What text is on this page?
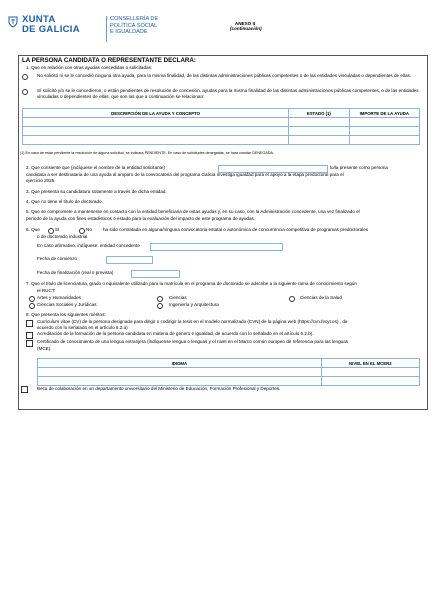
XUNTA
DE GALICIA
CONSELLERÍA DE
POLÍTICA SOCIAL
E IGUALDADE
ANEXO II
(continuación)
LA PERSONA CANDIDATA O REPRESENTANTE DECLARA:
1. Que en relación con otras ayudas concedidas o solicitadas:
No solicitó ni se le concedió ninguna otra ayuda, para la misma finalidad, de las distintas administraciones públicas competentes o de las entidades vinculadas o dependientes de ellas.
Sí solicitó y/o se le concedieron, o están pendientes de resolución de concesión, ayudas para la misma finalidad de las distintas administraciones públicas competentes, o de las entidades vinculadas o dependientes de ellas, que son las que a continuación se relacionan:
DESCRIPCIÓN DE LA AYUDA Y CONCEPTO	ESTADO (1)	IMPORTE DE LA AYUDA

(1) En caso de estar pendiente la resolución de alguna solicitud, se indicará PENDIENTE. En caso de solicitudes denegadas, se hará constar DENEGADA.
2. Que consiente que (indíquese el nombre de la entidad solicitante)	lo/la presente como persona
candidata a ser destinataria de una ayuda al amparo de la convocatoria del programa Galicia investiga igualdad para el apoyo a la etapa predoctoral para el
ejercicio 2025.
3. Que presenta su candidatura solamente a través de dicha entidad.
4. Que no tiene el título de doctorado.
5. Que se compromete a mantenerse en contacto con la entidad beneficiaria de estas ayudas y, en su caso, con la Administración concedente, una vez finalizado el
período de la ayuda con fines estadísticos o estado para la evaluación del impacto de este programa de ayudas.
6. Que	Sí	No ha sido contratada en alguna/ninguna convocatoria estatal o autonómica de concurrencia competitiva de programas predoctorales
o de doctorado industrial.
En caso afirmativo, indíquese: entidad concedente
Fecha de comienzo
Fecha de finalización (real o prevista)
7. Que el título de licenciatura, grado o equivalente utilizado para la matrícula en el programa de doctorado se adscribe a la siguiente rama de conocimiento según
el RUCT:
Artes y Humanidades	Ciencias	Ciencias de la Salud
Ciencias Sociales y Jurídicas	Ingeniería y Arquitectura
8. Que presenta los siguientes méritos:
Curriculum vitae (CV) de la persona designada para dirigir o codirigir la tesis en el modelo normalizado (CVN) de la página web (https://cvn.fecyt.es) , de
acuerdo con lo señalado en el artículo 6.2.a)
Acreditación de la formación de la persona candidata en materia de género e igualdad, de acuerdo con lo señalado en el artículo 6.2.b).
Certificado de conocimiento de una lengua extranjera (indíquense lengua o lenguas y el nivel en el Marco común europeo de referencia para las lenguas
(MCE).
IDIOMA	NIVEL EN EL MCER2

Beca de colaboración en un departamento universitario del Ministerio de Educación, Formación Profesional y Deportes.
